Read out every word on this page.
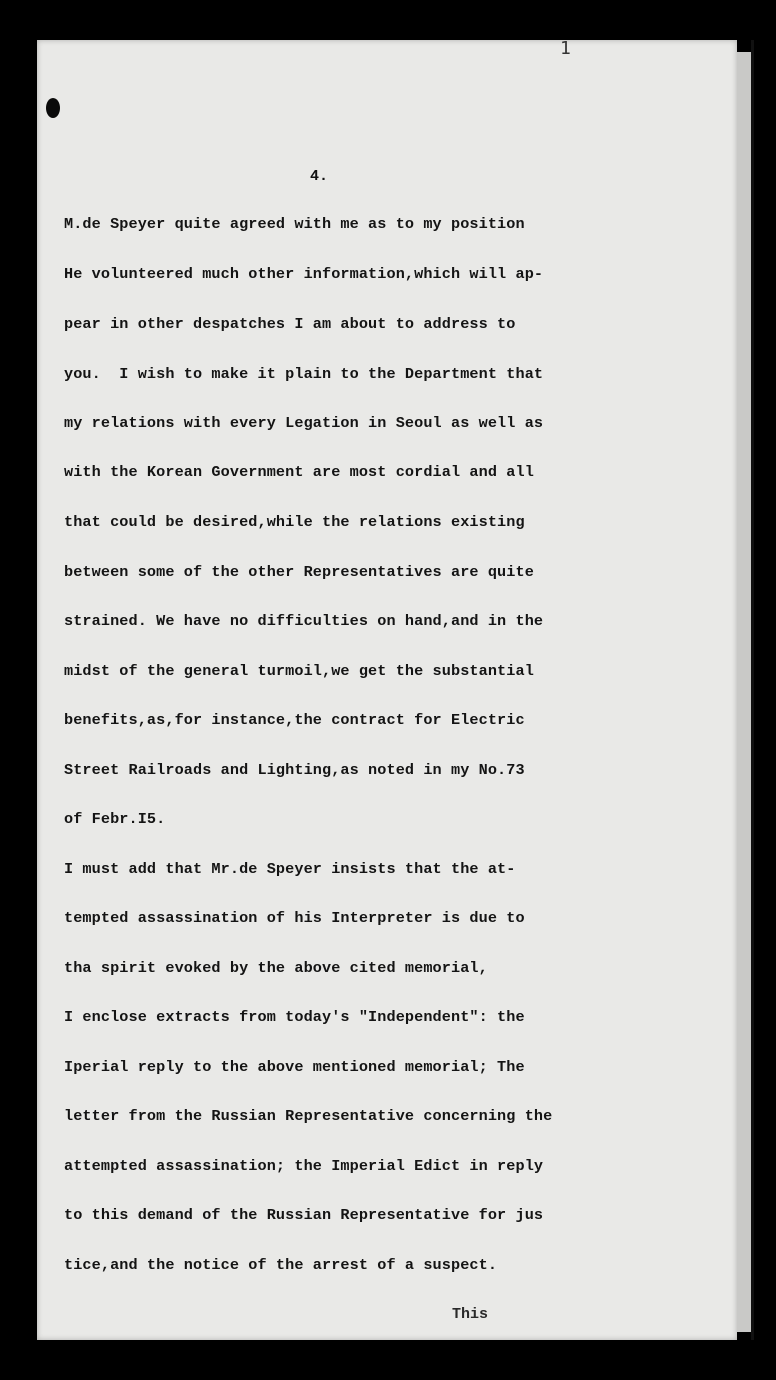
1
4.
M.de Speyer quite agreed with me as to my position
He volunteered much other information,which will ap-
pear in other despatches I am about to address to
you.  I wish to make it plain to the Department that
my relations with every Legation in Seoul as well as
with the Korean Government are most cordial and all
that could be desired,while the relations existing
between some of the other Representatives are quite
strained. We have no difficulties on hand,and in the
midst of the general turmoil,we get the substantial
benefits,as,for instance,the contract for Electric
Street Railroads and Lighting,as noted in my No.73
of Febr.I5.
I must add that Mr.de Speyer insists that the at-
tempted assassination of his Interpreter is due to
tha spirit evoked by the above cited memorial,
I enclose extracts from today's "Independent": the
Iperial reply to the above mentioned memorial; The
letter from the Russian Representative concerning the
attempted assassination; the Imperial Edict in reply
to this demand of the Russian Representative for jus
tice,and the notice of the arrest of a suspect.
This
